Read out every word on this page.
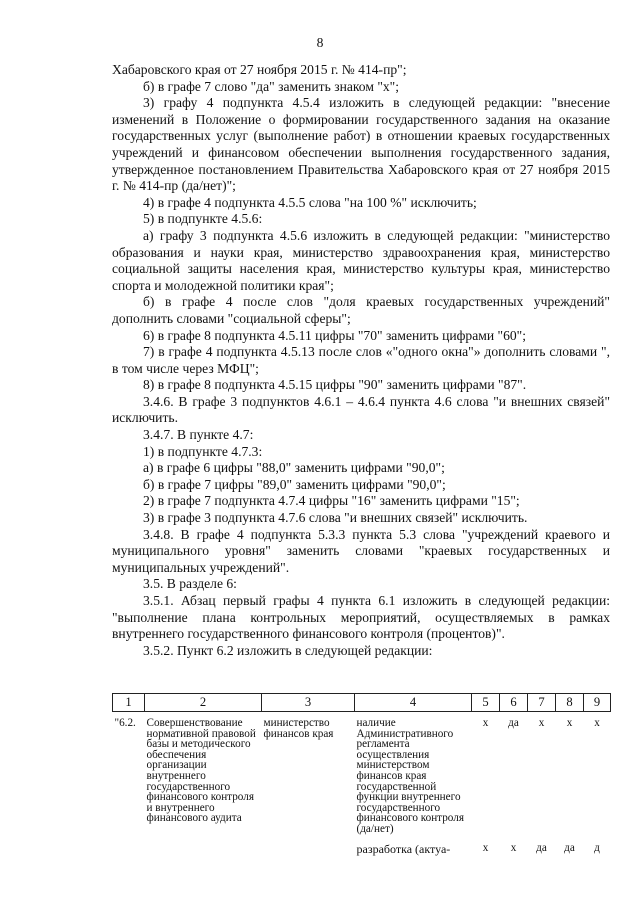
8

Хабаровского края от 27 ноября 2015 г. № 414-пр";

б) в графе 7 слово "да" заменить знаком "х";

3) графу 4 подпункта 4.5.4 изложить в следующей редакции: "внесение изменений в Положение о формировании государственного задания на оказание государственных услуг (выполнение работ) в отношении краевых государственных учреждений и финансовом обеспечении выполнения государственного задания, утвержденное постановлением Правительства Хабаровского края от 27 ноября 2015 г. № 414-пр (да/нет)";

4) в графе 4 подпункта 4.5.5 слова "на 100 %" исключить;

5) в подпункте 4.5.6:

а) графу 3 подпункта 4.5.6 изложить в следующей редакции: "министерство образования и науки края, министерство здравоохранения края, министерство социальной защиты населения края, министерство культуры края, министерство спорта и молодежной политики края";

б) в графе 4 после слов "доля краевых государственных учреждений" дополнить словами "социальной сферы";

6) в графе 8 подпункта 4.5.11 цифры "70" заменить цифрами "60";

7) в графе 4 подпункта 4.5.13 после слов «"одного окна"» дополнить словами ", в том числе через МФЦ";

8) в графе 8 подпункта 4.5.15 цифры "90" заменить цифрами "87".

3.4.6. В графе 3 подпунктов 4.6.1 – 4.6.4 пункта 4.6 слова "и внешних связей" исключить.

3.4.7. В пункте 4.7:

1) в подпункте 4.7.3:

а) в графе 6 цифры "88,0" заменить цифрами "90,0";

б) в графе 7 цифры "89,0" заменить цифрами "90,0";

2) в графе 7 подпункта 4.7.4 цифры "16" заменить цифрами "15";

3) в графе 3 подпункта 4.7.6 слова "и внешних связей" исключить.

3.4.8. В графе 4 подпункта 5.3.3 пункта 5.3 слова "учреждений краевого и муниципального уровня" заменить словами "краевых государственных и муниципальных учреждений".

3.5. В разделе 6:

3.5.1. Абзац первый графы 4 пункта 6.1 изложить в следующей редакции: "выполнение плана контрольных мероприятий, осуществляемых в рамках внутреннего государственного финансового контроля (процентов)".

3.5.2. Пункт 6.2 изложить в следующей редакции:

1	2	3	4	5	6	7	8	9
"6.2.	Совершенствование нормативной правовой базы и методического обеспечения организации внутреннего государственного финансового контроля и внутреннего финансового аудита	министерство финансов края	наличие Административного регламента осуществления министерством финансов края государственной функции внутреннего государственного финансового контроля (да/нет)	х	да	х	х	х
			разработка (актуа-	х	х	да	да	д
